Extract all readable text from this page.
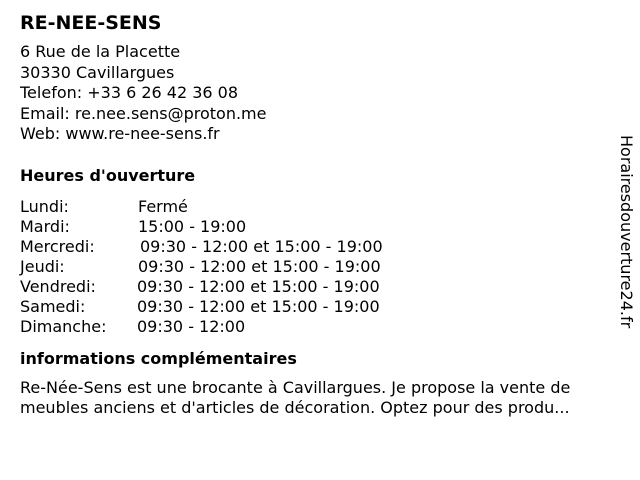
RE-NEE-SENS
6 Rue de la Placette
30330 Cavillargues
Telefon: +33 6 26 42 36 08
Email: re.nee.sens@proton.me
Web: www.re-nee-sens.fr
Heures d'ouverture
Lundi:	Fermé
Mardi:	15:00 - 19:00
Mercredi:	09:30 - 12:00 et 15:00 - 19:00
Jeudi:	09:30 - 12:00 et 15:00 - 19:00
Vendredi:	09:30 - 12:00 et 15:00 - 19:00
Samedi:	09:30 - 12:00 et 15:00 - 19:00
Dimanche: 09:30 - 12:00
informations complémentaires

Re-Née-Sens est une brocante à Cavillargues. Je propose la vente de meubles anciens et d'articles de décoration. Optez pour des produ...

Horairesdouverture24.fr
